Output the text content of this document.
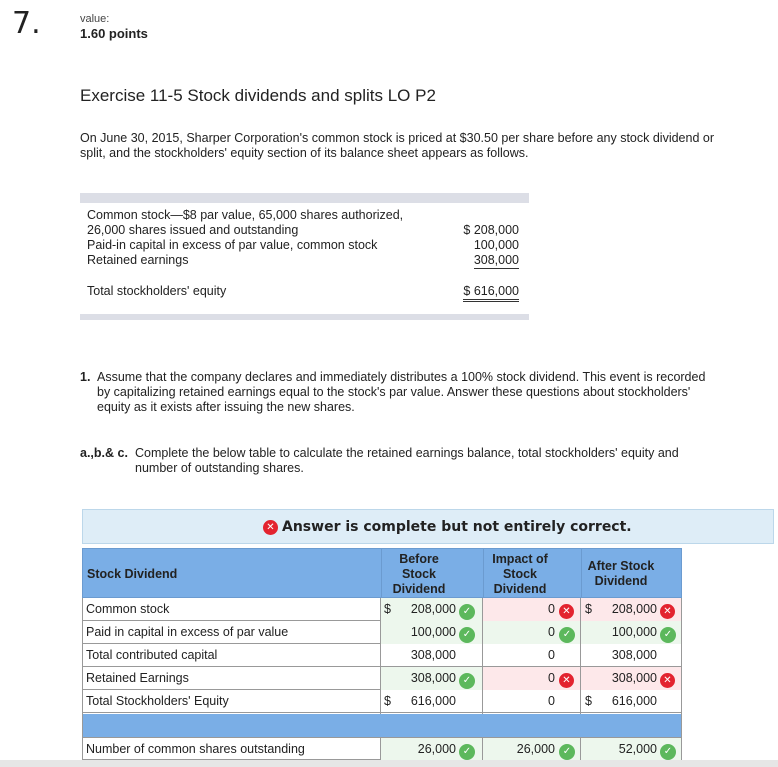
7.	value:
1.60 points
Exercise 11-5 Stock dividends and splits LO P2
On June 30, 2015, Sharper Corporation's common stock is priced at $30.50 per share before any stock dividend or split, and the stockholders' equity section of its balance sheet appears as follows.
Common stock—$8 par value, 65,000 shares authorized,
26,000 shares issued and outstanding	$ 208,000
Paid-in capital in excess of par value, common stock	100,000
Retained earnings	308,000
Total stockholders' equity	$ 616,000
1. Assume that the company declares and immediately distributes a 100% stock dividend. This event is recorded by capitalizing retained earnings equal to the stock's par value. Answer these questions about stockholders' equity as it exists after issuing the new shares.
a.,b.& c. Complete the below table to calculate the retained earnings balance, total stockholders' equity and number of outstanding shares.
✕ Answer is complete but not entirely correct.
Stock Dividend
Before
Stock
Dividend
Impact of
Stock
Dividend
After Stock
Dividend
Common stock	$	208,000 ✓	0 ✕ $	208,000 ✕
Paid in capital in excess of par value	100,000 ✓	0 ✓	100,000 ✓
Total contributed capital	308,000	0	308,000
Retained Earnings	308,000 ✓	0 ✕	308,000 ✕
Total Stockholders' Equity	$	616,000	0 $	616,000
Number of common shares outstanding	26,000 ✓	26,000 ✓	52,000 ✓
